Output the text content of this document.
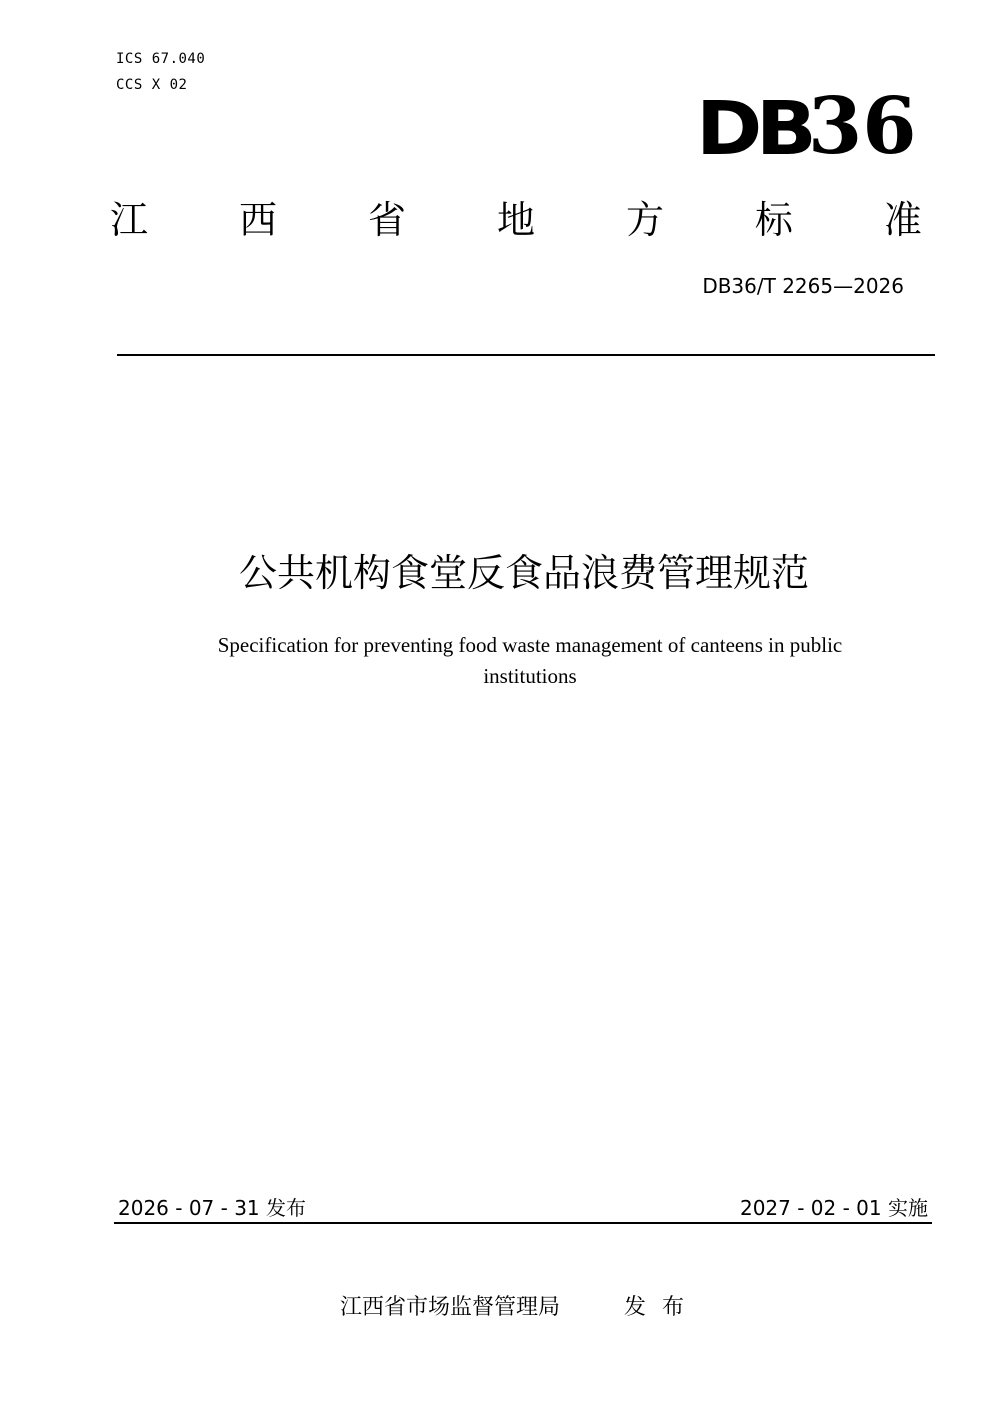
ICS 67.040
CCS X 02
DB
36
江 西 省 地 方 标 准
DB36/T 2265—2026
公共机构食堂反食品浪费管理规范
Specification for preventing food waste management of canteens in public institutions
2026 - 07 - 31 发布	2027 - 02 - 01 实施
江西省市场监督管理局	发布
